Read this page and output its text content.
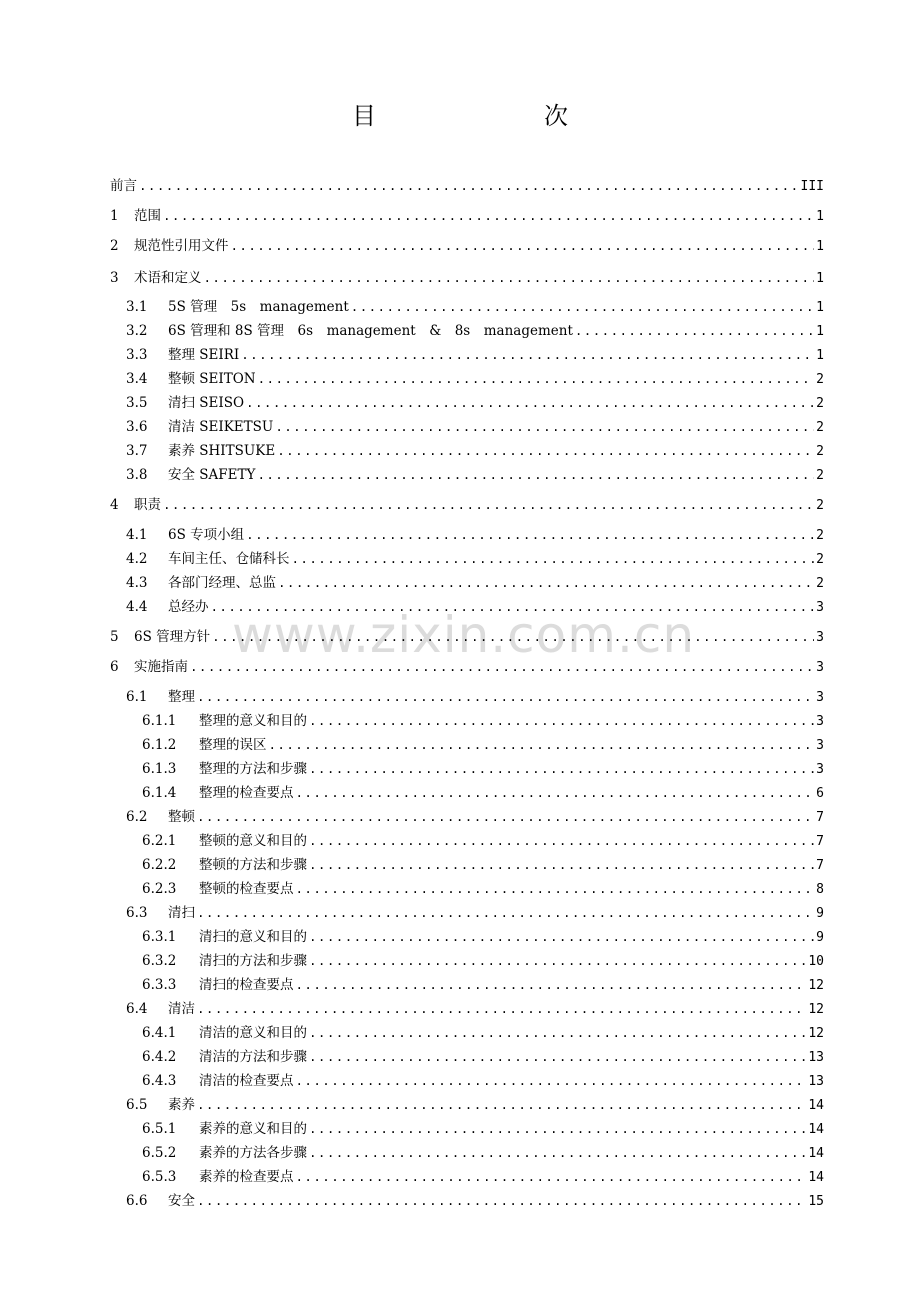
www.zixin.com.cn
目　　次
前言 .....	III
1	范围 .....	1
2	规范性引用文件 .....	1
3	术语和定义 .....	1
3.1	5S 管理　5s　management .....	1
3.2	6S 管理和 8S 管理　6s　management　&　8s　management .....	1
3.3	整理 SEIRI .....	1
3.4	整顿 SEITON .....	2
3.5	清扫 SEISO .....	2
3.6	清洁 SEIKETSU .....	2
3.7	素养 SHITSUKE .....	2
3.8	安全 SAFETY .....	2
4	职责 .....	2
4.1	6S 专项小组 .....	2
4.2	车间主任、仓储科长 .....	2
4.3	各部门经理、总监 .....	2
4.4	总经办 .....	3
5	6S 管理方针 .....	3
6	实施指南 .....	3
6.1	整理 .....	3
6.1.1	整理的意义和目的 .....	3
6.1.2	整理的误区 .....	3
6.1.3	整理的方法和步骤 .....	3
6.1.4	整理的检查要点 .....	6
6.2	整顿 .....	7
6.2.1	整顿的意义和目的 .....	7
6.2.2	整顿的方法和步骤 .....	7
6.2.3	整顿的检查要点 .....	8
6.3	清扫 .....	9
6.3.1	清扫的意义和目的 .....	9
6.3.2	清扫的方法和步骤 .....	10
6.3.3	清扫的检查要点 .....	12
6.4	清洁 .....	12
6.4.1	清洁的意义和目的 .....	12
6.4.2	清洁的方法和步骤 .....	13
6.4.3	清洁的检查要点 .....	13
6.5	素养 .....	14
6.5.1	素养的意义和目的 .....	14
6.5.2	素养的方法各步骤 .....	14
6.5.3	素养的检查要点 .....	14
6.6	安全 .....	15
